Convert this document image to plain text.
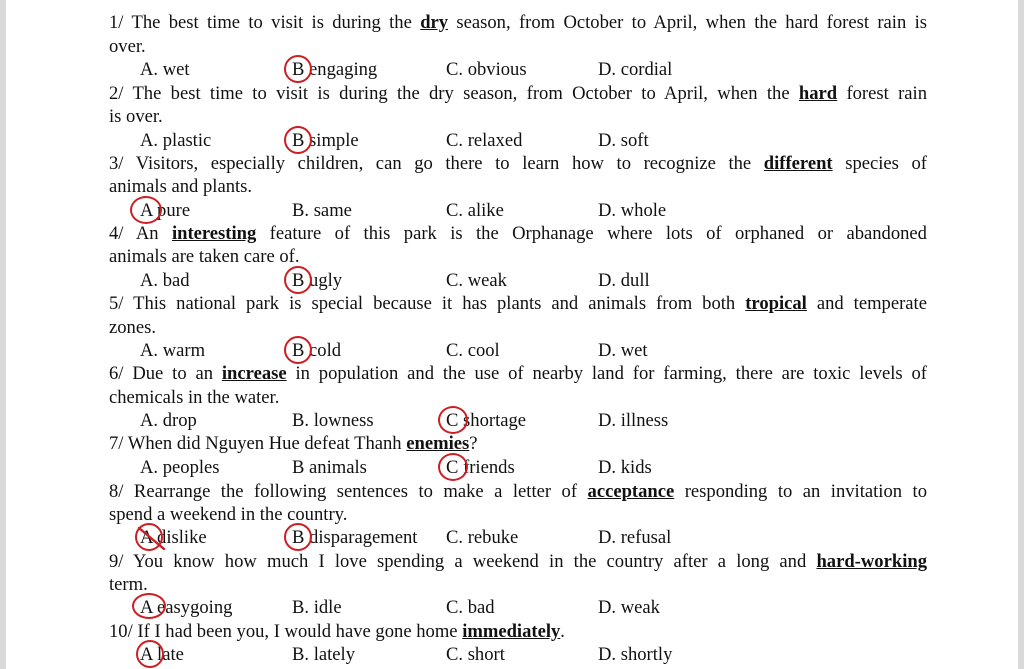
1/ The best time to visit is during the dry season, from October to April, when the hard forest rain is
over.
A. wet	B engaging	C. obvious	D. cordial
2/ The best time to visit is during the dry season, from October to April, when the hard forest rain
is over.
A. plastic	B simple	C. relaxed	D. soft
3/ Visitors, especially children, can go there to learn how to recognize the different species of
animals and plants.
A pure	B. same	C. alike	D. whole
4/ An interesting feature of this park is the Orphanage where lots of orphaned or abandoned
animals are taken care of.
A. bad	B ugly	C. weak	D. dull
5/ This national park is special because it has plants and animals from both tropical and temperate
zones.
A. warm	B cold	C. cool	D. wet
6/ Due to an increase in population and the use of nearby land for farming, there are toxic levels of
chemicals in the water.
A. drop	B. lowness	C shortage	D. illness
7/ When did Nguyen Hue defeat Thanh enemies?
A. peoples	B animals	C friends	D. kids
8/ Rearrange the following sentences to make a letter of acceptance responding to an invitation to
spend a weekend in the country.
A dislike	B disparagement C. rebuke	D. refusal
9/ You know how much I love spending a weekend in the country after a long and hard-working
term.
A easygoing	B. idle	C. bad	D. weak
10/ If I had been you, I would have gone home immediately.
A late	B. lately	C. short	D. shortly
